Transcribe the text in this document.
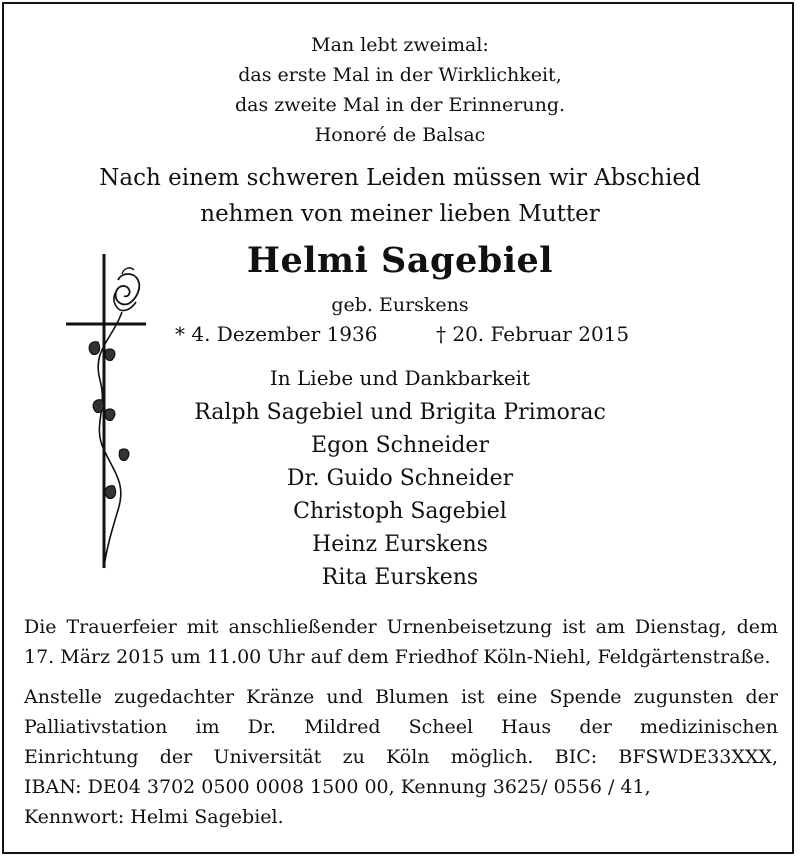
Man lebt zweimal:
das erste Mal in der Wirklichkeit,
das zweite Mal in der Erinnerung.
Honoré de Balsac
Nach einem schweren Leiden müssen wir Abschied
nehmen von meiner lieben Mutter
Helmi Sagebiel
geb. Eurskens
* 4. Dezember 1936	† 20. Februar 2015
In Liebe und Dankbarkeit
Ralph Sagebiel und Brigita Primorac
Egon Schneider
Dr. Guido Schneider
Christoph Sagebiel
Heinz Eurskens
Rita Eurskens
Die Trauerfeier mit anschließender Urnenbeisetzung ist am Dienstag, dem
17. März 2015 um 11.00 Uhr auf dem Friedhof Köln-Niehl, Feldgärtenstraße.
Anstelle zugedachter Kränze und Blumen ist eine Spende zugunsten der
Palliativstation im Dr. Mildred Scheel Haus der medizinischen
Einrichtung der Universität zu Köln möglich. BIC: BFSWDE33XXX,
IBAN: DE04 3702 0500 0008 1500 00, Kennung 3625/ 0556 / 41,
Kennwort: Helmi Sagebiel.
